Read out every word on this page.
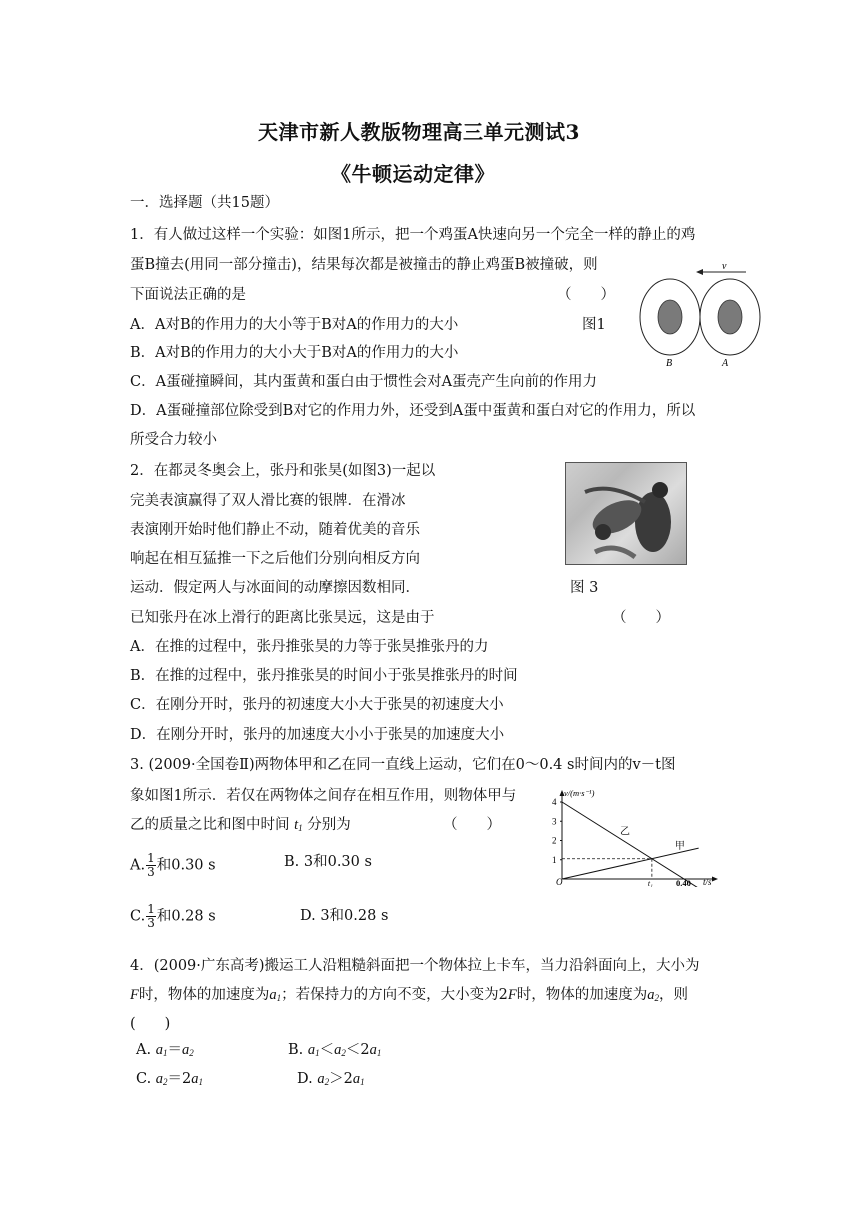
天津市新人教版物理高三单元测试3
《牛顿运动定律》
一．选择题（共15题）
1．有人做过这样一个实验：如图1所示，把一个鸡蛋A快速向另一个完全一样的静止的鸡
蛋B撞去(用同一部分撞击)，结果每次都是被撞击的静止鸡蛋B被撞破，则
下面说法正确的是	（　　）
A．A对B的作用力的大小等于B对A的作用力的大小	图1
B．A对B的作用力的大小大于B对A的作用力的大小
C．A蛋碰撞瞬间，其内蛋黄和蛋白由于惯性会对A蛋壳产生向前的作用力
D．A蛋碰撞部位除受到B对它的作用力外，还受到A蛋中蛋黄和蛋白对它的作用力，所以
所受合力较小
v
B	A
2．在都灵冬奥会上，张丹和张昊(如图3)一起以
完美表演赢得了双人滑比赛的银牌．在滑冰
表演刚开始时他们静止不动，随着优美的音乐
响起在相互猛推一下之后他们分别向相反方向
运动．假定两人与冰面间的动摩擦因数相同．	图 3
已知张丹在冰上滑行的距离比张昊远，这是由于	（　　）
A．在推的过程中，张丹推张昊的力等于张昊推张丹的力
B．在推的过程中，张丹推张昊的时间小于张昊推张丹的时间
C．在刚分开时，张丹的初速度大小大于张昊的初速度大小
D．在刚分开时，张丹的加速度大小小于张昊的加速度大小
3. (2009·全国卷Ⅱ)两物体甲和乙在同一直线上运动，它们在0～0.4 s时间内的v－t图
象如图1所示．若仅在两物体之间存在相互作用，则物体甲与
乙的质量之比和图中时间 $t_1$ 分别为	（　　）
A. $\frac{1}{3}$ 和0.30 s	B. 3和0.30 s
C. $\frac{1}{3}$ 和0.28 s	D. 3和0.28 s
v/(m·s⁻¹)
O	t/s
1
2
3
4
t₁	0.40
乙
甲
4．(2009·广东高考)搬运工人沿粗糙斜面把一个物体拉上卡车，当力沿斜面向上，大小为
F时，物体的加速度为$a_1$；若保持力的方向不变，大小变为2F时，物体的加速度为$a_2$，则
(　　)
A. $a_1=a_2$	B. $a_1<a_2<2a_1$
C. $a_2=2a_1$	D. $a_2>2a_1$
